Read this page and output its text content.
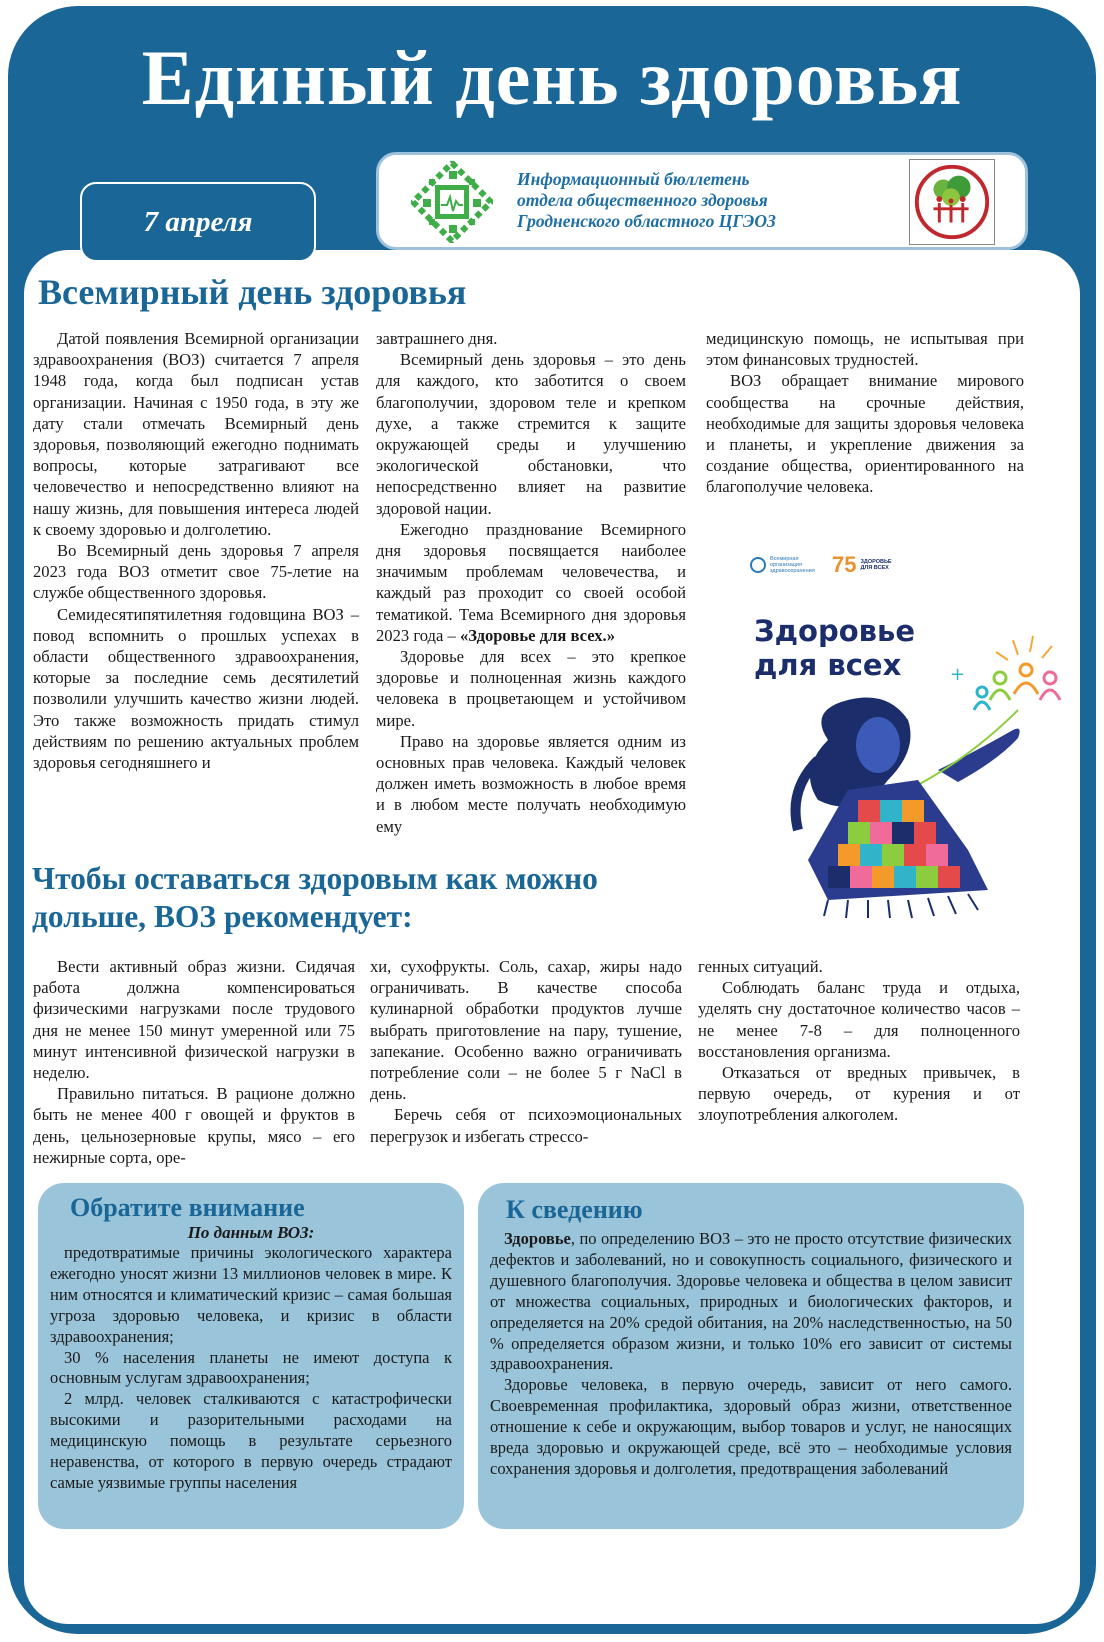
Единый день здоровья
7 апреля
Информационный бюллетень
отдела общественного здоровья
Гродненского областного ЦГЭОЗ
Всемирный день здоровья

Датой появления Всемирной организации здравоохранения (ВОЗ) считается 7 апреля 1948 года, когда был подписан устав организации. Начиная с 1950 года, в эту же дату стали отмечать Всемирный день здоровья, позволяющий ежегодно поднимать вопросы, которые затрагивают все человечество и непосредственно влияют на нашу жизнь, для повышения интереса людей к своему здоровью и долголетию.

Во Всемирный день здоровья 7 апреля 2023 года ВОЗ отметит свое 75-летие на службе общественного здоровья.

Семидесятипятилетняя годовщина ВОЗ – повод вспомнить о прошлых успехах в области общественного здравоохранения, которые за последние семь десятилетий позволили улучшить качество жизни людей. Это также возможность придать стимул действиям по решению актуальных проблем здоровья сегодняшнего и

завтрашнего дня.

Всемирный день здоровья – это день для каждого, кто заботится о своем благополучии, здоровом теле и крепком духе, а также стремится к защите окружающей среды и улучшению экологической обстановки, что непосредственно влияет на развитие здоровой нации.

Ежегодно празднование Всемирного дня здоровья посвящается наиболее значимым проблемам человечества, и каждый раз проходит со своей особой тематикой. Тема Всемирного дня здоровья 2023 года – «Здоровье для всех.»

Здоровье для всех – это крепкое здоровье и полноценная жизнь каждого человека в процветающем и устойчивом мире.

Право на здоровье является одним из основных прав человека. Каждый человек должен иметь возможность в любое время и в любом месте получать необходимую ему

медицинскую помощь, не испытывая при этом финансовых трудностей.

ВОЗ обращает внимание мирового сообщества на срочные действия, необходимые для защиты здоровья человека и планеты, и укрепление движения за создание общества, ориентированного на благополучие человека.

Всемирная организация здравоохранения 75 ЗДОРОВЬЕ ДЛЯ ВСЕХ
Здоровье
для всех	+
Чтобы оставаться здоровым как можно
дольше, ВОЗ рекомендует:

Вести активный образ жизни. Сидячая работа должна компенсироваться физическими нагрузками после трудового дня не менее 150 минут умеренной или 75 минут интенсивной физической нагрузки в неделю.

Правильно питаться. В рационе должно быть не менее 400 г овощей и фруктов в день, цельнозерновые крупы, мясо – его нежирные сорта, оре-

хи, сухофрукты. Соль, сахар, жиры надо ограничивать. В качестве способа кулинарной обработки продуктов лучше выбрать приготовление на пару, тушение, запекание. Особенно важно ограничивать потребление соли – не более 5 г NaCl в день.

Беречь себя от психоэмоциональных перегрузок и избегать стрессо-

генных ситуаций.

Соблюдать баланс труда и отдыха, уделять сну достаточное количество часов – не менее 7-8 – для полноценного восстановления организма.

Отказаться от вредных привычек, в первую очередь, от курения и от злоупотребления алкоголем.

Обратите внимание
По данным ВОЗ:

предотвратимые причины экологического характера ежегодно уносят жизни 13 миллионов человек в мире. К ним относятся и климатический кризис – самая большая угроза здоровью человека, и кризис в области здравоохранения;

30 % населения планеты не имеют доступа к основным услугам здравоохранения;

2 млрд. человек сталкиваются с катастрофически высокими и разорительными расходами на медицинскую помощь в результате серьезного неравенства, от которого в первую очередь страдают самые уязвимые группы населения

К сведению

Здоровье, по определению ВОЗ – это не просто отсутствие физических дефектов и заболеваний, но и совокупность социального, физического и душевного благополучия. Здоровье человека и общества в целом зависит от множества социальных, природных и биологических факторов, и определяется на 20% средой обитания, на 20% наследственностью, на 50 % определяется образом жизни, и только 10% его зависит от системы здравоохранения.

Здоровье человека, в первую очередь, зависит от него самого. Своевременная профилактика, здоровый образ жизни, ответственное отношение к себе и окружающим, выбор товаров и услуг, не наносящих вреда здоровью и окружающей среде, всё это – необходимые условия сохранения здоровья и долголетия, предотвращения заболеваний
